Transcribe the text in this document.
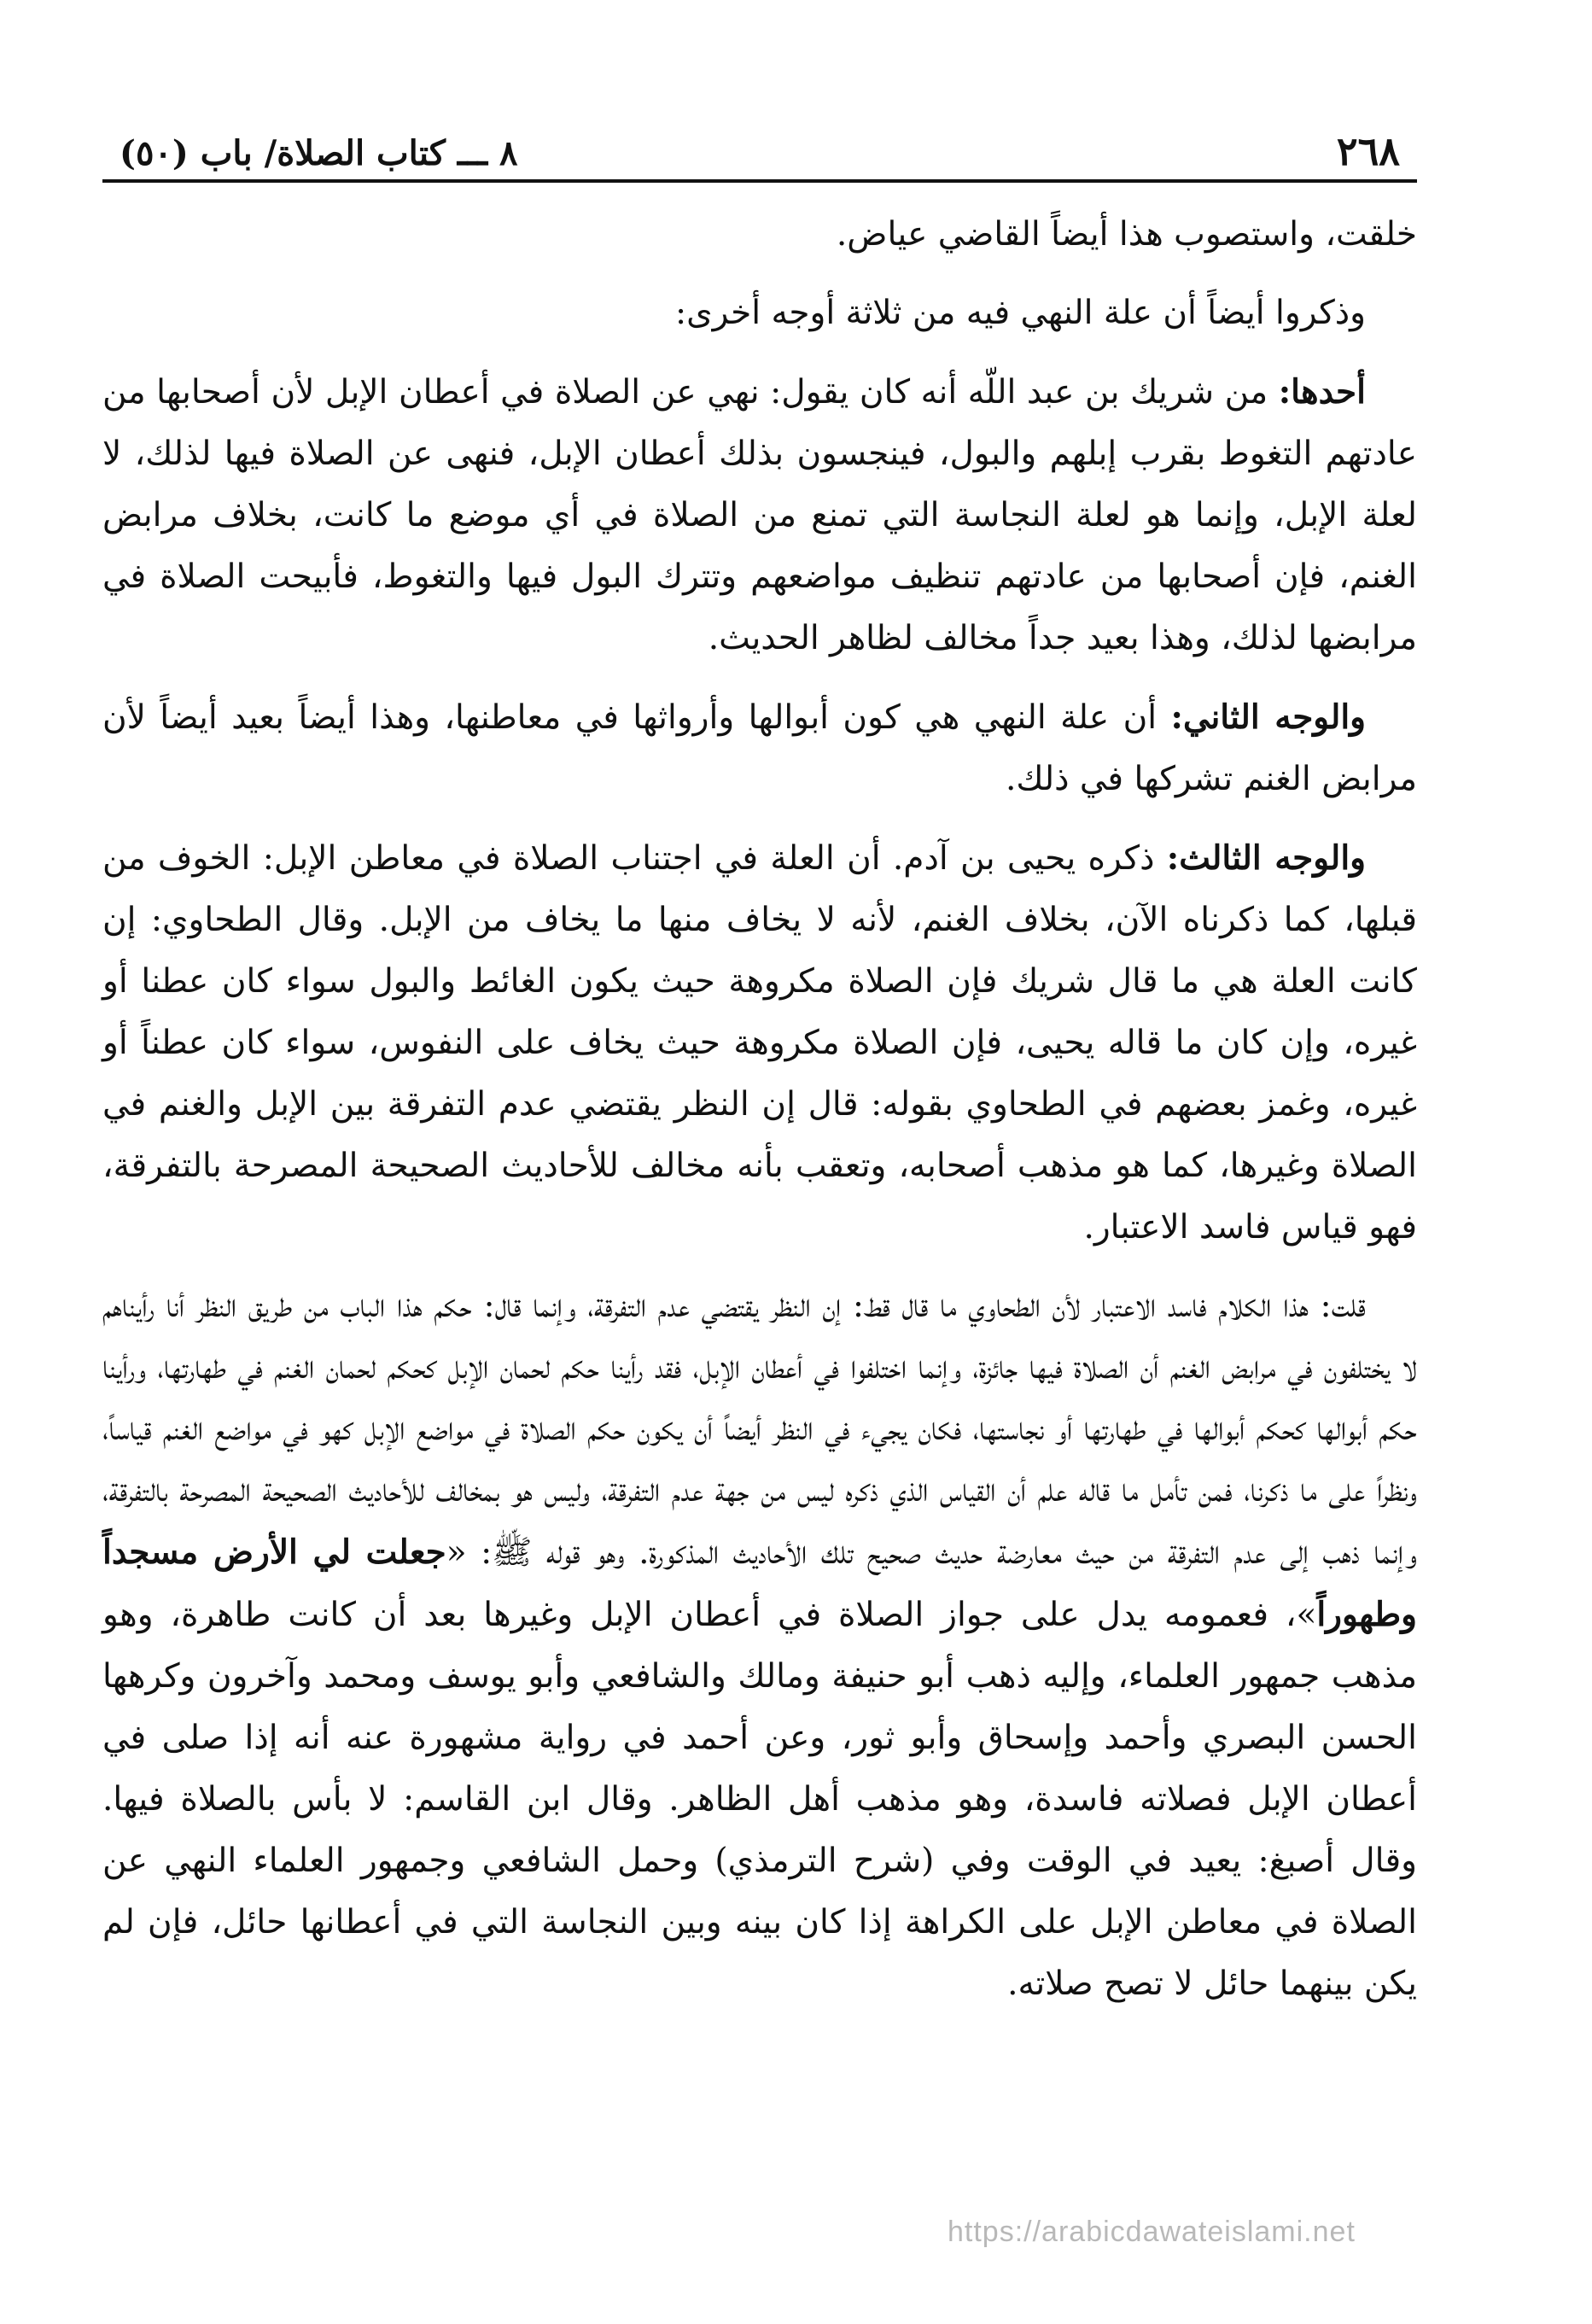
٢٦٨
٨ ـــ كتاب الصلاة/ باب (٥٠)

خلقت، واستصوب هذا أيضاً القاضي عياض.

وذكروا أيضاً أن علة النهي فيه من ثلاثة أوجه أخرى:

أحدها: من شريك بن عبد اللّه أنه كان يقول: نهي عن الصلاة في أعطان الإبل لأن أصحابها من عادتهم التغوط بقرب إبلهم والبول، فينجسون بذلك أعطان الإبل، فنهى عن الصلاة فيها لذلك، لا لعلة الإبل، وإنما هو لعلة النجاسة التي تمنع من الصلاة في أي موضع ما كانت، بخلاف مرابض الغنم، فإن أصحابها من عادتهم تنظيف مواضعهم وتترك البول فيها والتغوط، فأبيحت الصلاة في مرابضها لذلك، وهذا بعيد جداً مخالف لظاهر الحديث.

والوجه الثاني: أن علة النهي هي كون أبوالها وأرواثها في معاطنها، وهذا أيضاً بعيد أيضاً لأن مرابض الغنم تشركها في ذلك.

والوجه الثالث: ذكره يحيى بن آدم. أن العلة في اجتناب الصلاة في معاطن الإبل: الخوف من قبلها، كما ذكرناه الآن، بخلاف الغنم، لأنه لا يخاف منها ما يخاف من الإبل. وقال الطحاوي: إن كانت العلة هي ما قال شريك فإن الصلاة مكروهة حيث يكون الغائط والبول سواء كان عطنا أو غيره، وإن كان ما قاله يحيى، فإن الصلاة مكروهة حيث يخاف على النفوس، سواء كان عطناً أو غيره، وغمز بعضهم في الطحاوي بقوله: قال إن النظر يقتضي عدم التفرقة بين الإبل والغنم في الصلاة وغيرها، كما هو مذهب أصحابه، وتعقب بأنه مخالف للأحاديث الصحيحة المصرحة بالتفرقة، فهو قياس فاسد الاعتبار.

قلت: هذا الكلام فاسد الاعتبار لأن الطحاوي ما قال قط: إن النظر يقتضي عدم التفرقة، وإنما قال: حكم هذا الباب من طريق النظر أنا رأيناهم لا يختلفون في مرابض الغنم أن الصلاة فيها جائزة، وإنما اختلفوا في أعطان الإبل، فقد رأينا حكم لحمان الإبل كحكم لحمان الغنم في طهارتها، ورأينا حكم أبوالها كحكم أبوالها في طهارتها أو نجاستها، فكان يجيء في النظر أيضاً أن يكون حكم الصلاة في مواضع الإبل كهو في مواضع الغنم قياساً، ونظراً على ما ذكرنا، فمن تأمل ما قاله علم أن القياس الذي ذكره ليس من جهة عدم التفرقة، وليس هو بمخالف للأحاديث الصحيحة المصرحة بالتفرقة، وإنما ذهب إلى عدم التفرقة من حيث معارضة حديث صحيح تلك الأحاديث المذكورة. وهو قوله ﷺ: «جعلت لي الأرض مسجداً وطهوراً»، فعمومه يدل على جواز الصلاة في أعطان الإبل وغيرها بعد أن كانت طاهرة، وهو مذهب جمهور العلماء، وإليه ذهب أبو حنيفة ومالك والشافعي وأبو يوسف ومحمد وآخرون وكرهها الحسن البصري وأحمد وإسحاق وأبو ثور، وعن أحمد في رواية مشهورة عنه أنه إذا صلى في أعطان الإبل فصلاته فاسدة، وهو مذهب أهل الظاهر. وقال ابن القاسم: لا بأس بالصلاة فيها. وقال أصبغ: يعيد في الوقت وفي (شرح الترمذي) وحمل الشافعي وجمهور العلماء النهي عن الصلاة في معاطن الإبل على الكراهة إذا كان بينه وبين النجاسة التي في أعطانها حائل، فإن لم يكن بينهما حائل لا تصح صلاته.

https://arabicdawateislami.net
